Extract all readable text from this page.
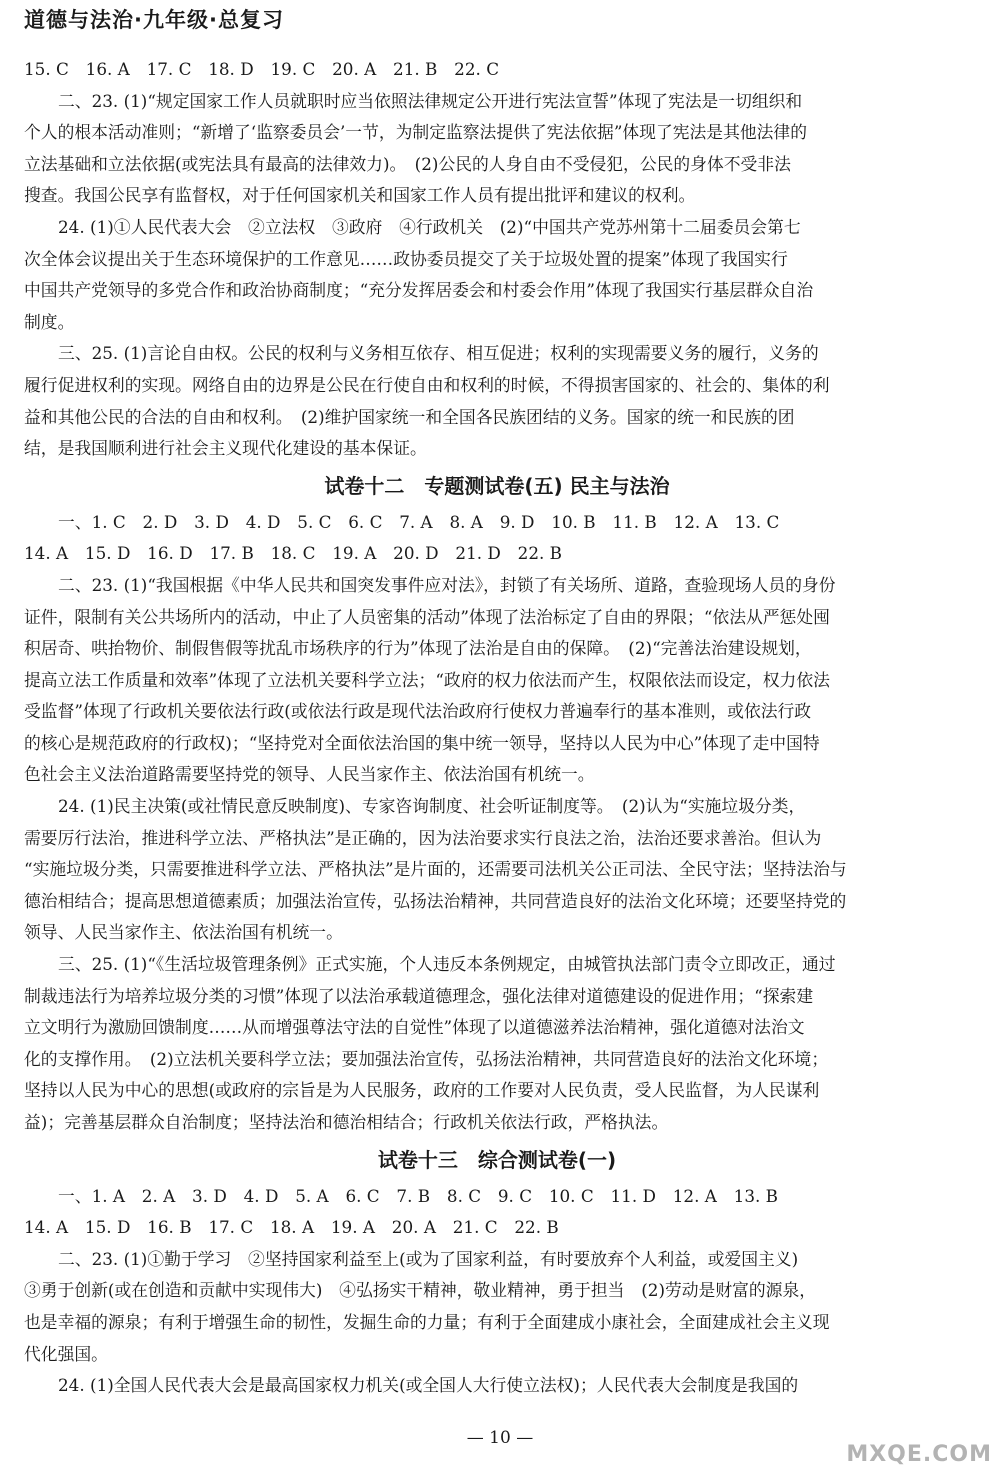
道德与法治·九年级·总复习
15. C　16. A　17. C　18. D　19. C　20. A　21. B　22. C
二、23. (1)“规定国家工作人员就职时应当依照法律规定公开进行宪法宣誓”体现了宪法是一切组织和
个人的根本活动准则；“新增了‘监察委员会’一节，为制定监察法提供了宪法依据”体现了宪法是其他法律的
立法基础和立法依据(或宪法具有最高的法律效力)。　(2)公民的人身自由不受侵犯，公民的身体不受非法
搜查。我国公民享有监督权，对于任何国家机关和国家工作人员有提出批评和建议的权利。
24. (1)①人民代表大会　②立法权　③政府　④行政机关　(2)“中国共产党苏州第十二届委员会第七
次全体会议提出关于生态环境保护的工作意见……政协委员提交了关于垃圾处置的提案”体现了我国实行
中国共产党领导的多党合作和政治协商制度；“充分发挥居委会和村委会作用”体现了我国实行基层群众自治
制度。
三、25. (1)言论自由权。公民的权利与义务相互依存、相互促进；权利的实现需要义务的履行，义务的
履行促进权利的实现。网络自由的边界是公民在行使自由和权利的时候，不得损害国家的、社会的、集体的利
益和其他公民的合法的自由和权利。　(2)维护国家统一和全国各民族团结的义务。国家的统一和民族的团
结，是我国顺利进行社会主义现代化建设的基本保证。
试卷十二　专题测试卷(五) 民主与法治
一、1. C　2. D　3. D　4. D　5. C　6. C　7. A　8. A　9. D　10. B　11. B　12. A　13. C
14. A　15. D　16. D　17. B　18. C　19. A　20. D　21. D　22. B
二、23. (1)“我国根据《中华人民共和国突发事件应对法》，封锁了有关场所、道路，查验现场人员的身份
证件，限制有关公共场所内的活动，中止了人员密集的活动”体现了法治标定了自由的界限；“依法从严惩处囤
积居奇、哄抬物价、制假售假等扰乱市场秩序的行为”体现了法治是自由的保障。　(2)“完善法治建设规划，
提高立法工作质量和效率”体现了立法机关要科学立法；“政府的权力依法而产生，权限依法而设定，权力依法
受监督”体现了行政机关要依法行政(或依法行政是现代法治政府行使权力普遍奉行的基本准则，或依法行政
的核心是规范政府的行政权)；“坚持党对全面依法治国的集中统一领导，坚持以人民为中心”体现了走中国特
色社会主义法治道路需要坚持党的领导、人民当家作主、依法治国有机统一。
24. (1)民主决策(或社情民意反映制度)、专家咨询制度、社会听证制度等。　(2)认为“实施垃圾分类，
需要厉行法治，推进科学立法、严格执法”是正确的，因为法治要求实行良法之治，法治还要求善治。但认为
“实施垃圾分类，只需要推进科学立法、严格执法”是片面的，还需要司法机关公正司法、全民守法；坚持法治与
德治相结合；提高思想道德素质；加强法治宣传，弘扬法治精神，共同营造良好的法治文化环境；还要坚持党的
领导、人民当家作主、依法治国有机统一。
三、25. (1)“《生活垃圾管理条例》正式实施，个人违反本条例规定，由城管执法部门责令立即改正，通过
制裁违法行为培养垃圾分类的习惯”体现了以法治承载道德理念，强化法律对道德建设的促进作用；“探索建
立文明行为激励回馈制度……从而增强尊法守法的自觉性”体现了以道德滋养法治精神，强化道德对法治文
化的支撑作用。　(2)立法机关要科学立法；要加强法治宣传，弘扬法治精神，共同营造良好的法治文化环境；
坚持以人民为中心的思想(或政府的宗旨是为人民服务，政府的工作要对人民负责，受人民监督，为人民谋利
益)；完善基层群众自治制度；坚持法治和德治相结合；行政机关依法行政，严格执法。
试卷十三　综合测试卷(一)
一、1. A　2. A　3. D　4. D　5. A　6. C　7. B　8. C　9. C　10. C　11. D　12. A　13. B
14. A　15. D　16. B　17. C　18. A　19. A　20. A　21. C　22. B
二、23. (1)①勤于学习　②坚持国家利益至上(或为了国家利益，有时要放弃个人利益，或爱国主义)
③勇于创新(或在创造和贡献中实现伟大)　④弘扬实干精神，敬业精神，勇于担当　(2)劳动是财富的源泉，
也是幸福的源泉；有利于增强生命的韧性，发掘生命的力量；有利于全面建成小康社会，全面建成社会主义现
代化强国。
24. (1)全国人民代表大会是最高国家权力机关(或全国人大行使立法权)；人民代表大会制度是我国的
— 10 —
MXQE.COM
